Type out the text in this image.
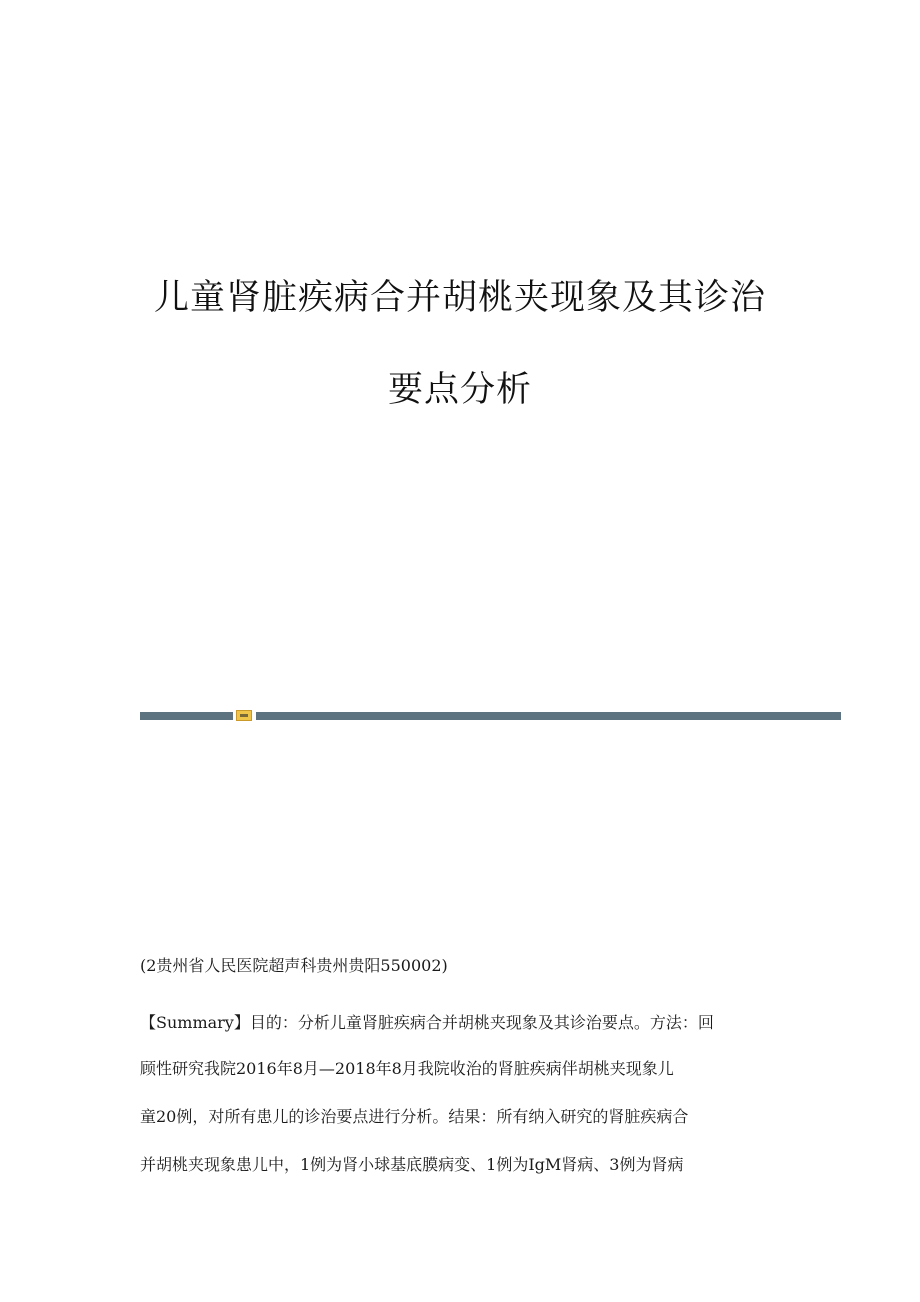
儿童肾脏疾病合并胡桃夹现象及其诊治
要点分析
(2贵州省人民医院超声科贵州贵阳550002)
【Summary】目的：分析儿童肾脏疾病合并胡桃夹现象及其诊治要点。方法：回
顾性研究我院2016年8月—2018年8月我院收治的肾脏疾病伴胡桃夹现象儿
童20例，对所有患儿的诊治要点进行分析。结果：所有纳入研究的肾脏疾病合
并胡桃夹现象患儿中，1例为肾小球基底膜病变、1例为IgM肾病、3例为肾病
